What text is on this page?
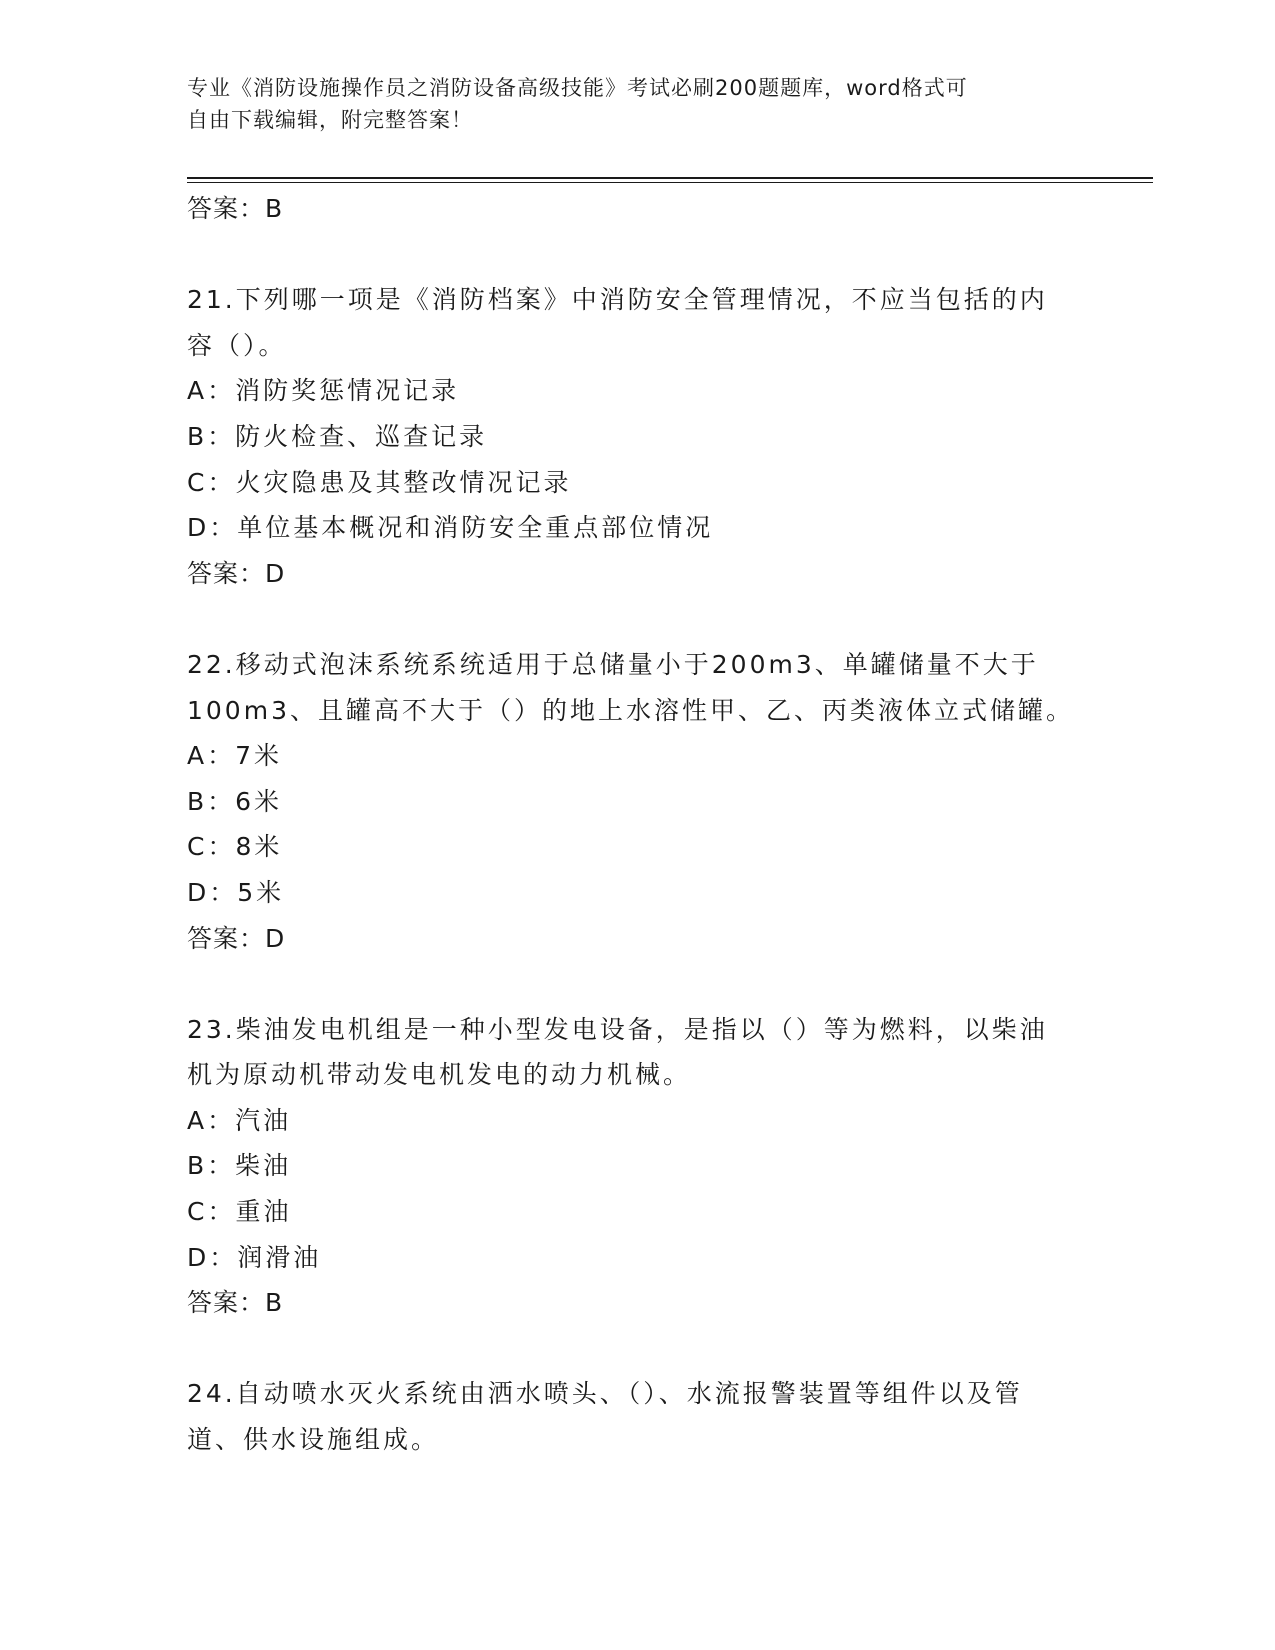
专业《消防设施操作员之消防设备高级技能》考试必刷200题题库，word格式可
自由下载编辑，附完整答案！
答案：B
21.下列哪一项是《消防档案》中消防安全管理情况，不应当包括的内
容（）。
A：消防奖惩情况记录
B：防火检查、巡查记录
C：火灾隐患及其整改情况记录
D：单位基本概况和消防安全重点部位情况
答案：D
22.移动式泡沫系统系统适用于总储量小于200m3、单罐储量不大于
100m3、且罐高不大于（）的地上水溶性甲、乙、丙类液体立式储罐。
A：7米
B：6米
C：8米
D：5米
答案：D
23.柴油发电机组是一种小型发电设备，是指以（）等为燃料，以柴油
机为原动机带动发电机发电的动力机械。
A：汽油
B：柴油
C：重油
D：润滑油
答案：B
24.自动喷水灭火系统由洒水喷头、（）、水流报警装置等组件以及管
道、供水设施组成。
